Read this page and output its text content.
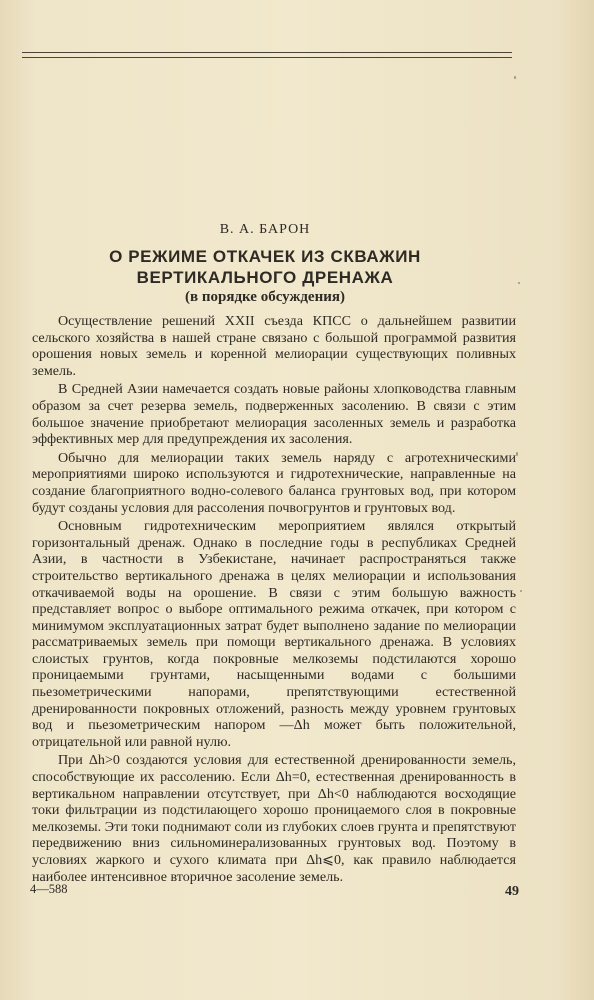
В. А. БАРОН
О РЕЖИМЕ ОТКАЧЕК ИЗ СКВАЖИН
ВЕРТИКАЛЬНОГО ДРЕНАЖА
(в порядке обсуждения)

Осуществление решений XXII съезда КПСС о дальнейшем развитии сельского хозяйства в нашей стране связано с большой программой развития орошения новых земель и коренной мелиорации существующих поливных земель.

В Средней Азии намечается создать новые районы хлопководства главным образом за счет резерва земель, подверженных засолению. В связи с этим большое значение приобретают мелиорация засоленных земель и разработка эффективных мер для предупреждения их засоления.

Обычно для мелиорации таких земель наряду с агротехническими мероприятиями широко используются и гидротехнические, направленные на создание благоприятного водно-солевого баланса грунтовых вод, при котором будут созданы условия для рассоления почвогрунтов и грунтовых вод.

Основным гидротехническим мероприятием являлся открытый горизонтальный дренаж. Однако в последние годы в республиках Средней Азии, в частности в Узбекистане, начинает распространяться также строительство вертикального дренажа в целях мелиорации и использования откачиваемой воды на орошение. В связи с этим большую важность представляет вопрос о выборе оптимального режима откачек, при котором с минимумом эксплуатационных затрат будет выполнено задание по мелиорации рассматриваемых земель при помощи вертикального дренажа. В условиях слоистых грунтов, когда покровные мелкоземы подстилаются хорошо проницаемыми грунтами, насыщенными водами с большими пьезометрическими напорами, препятствующими естественной дренированности покровных отложений, разность между уровнем грунтовых вод и пьезометрическим напором —Δh может быть положительной, отрицательной или равной нулю.

При Δh>0 создаются условия для естественной дренированности земель, способствующие их рассолению. Если Δh=0, естественная дренированность в вертикальном направлении отсутствует, при Δh<0 наблюдаются восходящие токи фильтрации из подстилающего хорошо проницаемого слоя в покровные мелкоземы. Эти токи поднимают соли из глубоких слоев грунта и препятствуют передвижению вниз сильноминерализованных грунтовых вод. Поэтому в условиях жаркого и сухого климата при Δh⩽0, как правило наблюдается наиболее интенсивное вторичное засоление земель.

4—588	49
